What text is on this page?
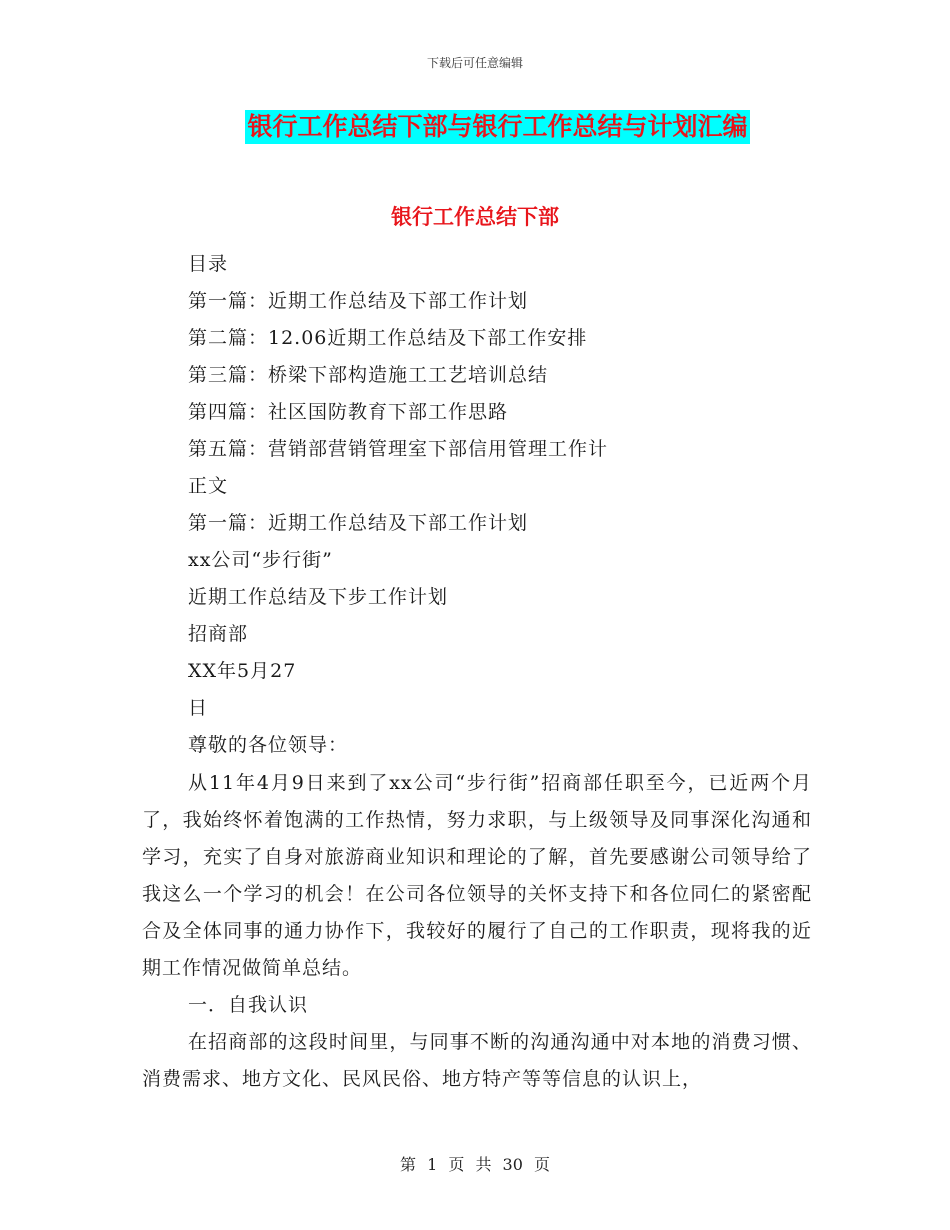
下载后可任意编辑
银行工作总结下部与银行工作总结与计划汇编
银行工作总结下部
目录
第一篇：近期工作总结及下部工作计划
第二篇：12.06近期工作总结及下部工作安排
第三篇：桥梁下部构造施工工艺培训总结
第四篇：社区国防教育下部工作思路
第五篇：营销部营销管理室下部信用管理工作计
正文
第一篇：近期工作总结及下部工作计划
xx公司“步行街”
近期工作总结及下步工作计划
招商部
XX年5月27
日
尊敬的各位领导：

从11年4月9日来到了xx公司“步行街”招商部任职至今，已近两个月了，我始终怀着饱满的工作热情，努力求职，与上级领导及同事深化沟通和学习，充实了自身对旅游商业知识和理论的了解，首先要感谢公司领导给了我这么一个学习的机会！在公司各位领导的关怀支持下和各位同仁的紧密配合及全体同事的通力协作下，我较好的履行了自己的工作职责，现将我的近期工作情况做简单总结。

一．自我认识

在招商部的这段时间里，与同事不断的沟通沟通中对本地的消费习惯、消费需求、地方文化、民风民俗、地方特产等等信息的认识上，

第 1 页 共 30 页
